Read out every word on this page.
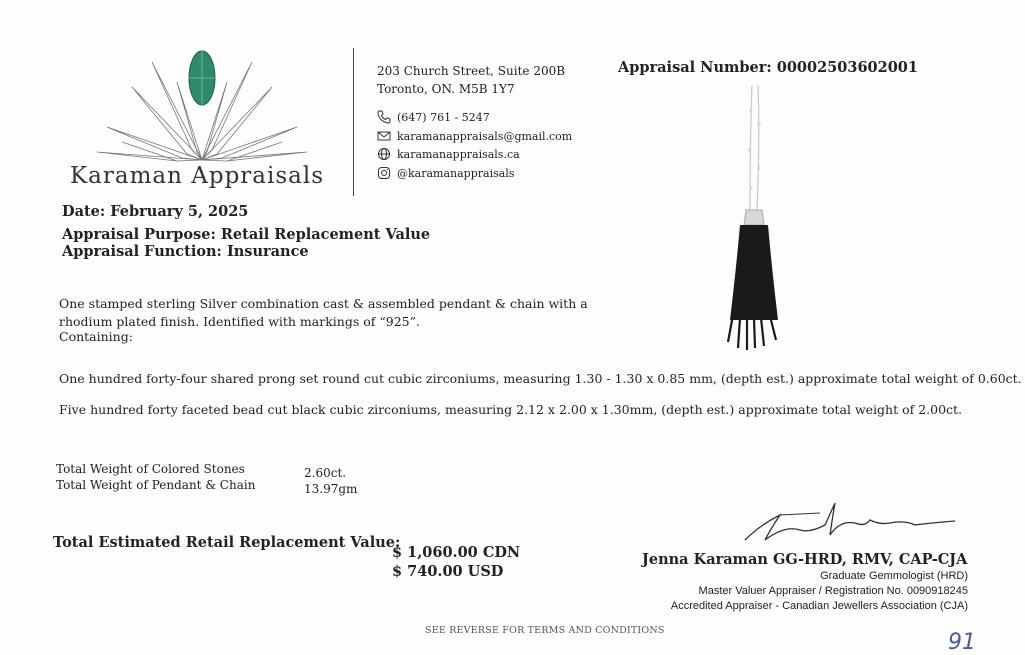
Karaman Appraisals
203 Church Street, Suite 200B
Toronto, ON. M5B 1Y7
(647) 761 - 5247
karamanappraisals@gmail.com
karamanappraisals.ca
@karamanappraisals
Appraisal Number: 00002503602001
Date: February 5, 2025
Appraisal Purpose: Retail Replacement Value
Appraisal Function: Insurance
One stamped sterling Silver combination cast & assembled pendant & chain with a
rhodium plated finish. Identified with markings of “925”.
Containing:
One hundred forty-four shared prong set round cut cubic zirconiums, measuring 1.30 - 1.30 x 0.85 mm, (depth est.) approximate total weight of 0.60ct.
Five hundred forty faceted bead cut black cubic zirconiums, measuring 2.12 x 2.00 x 1.30mm, (depth est.) approximate total weight of 2.00ct.
Total Weight of Colored Stones	2.60ct.
Total Weight of Pendant & Chain	13.97gm
Total Estimated Retail Replacement Value:
$ 1,060.00 CDN
$ 740.00 USD
Jenna Karaman GG-HRD, RMV, CAP-CJA
Graduate Gemmologist (HRD)
Master Valuer Appraiser / Registration No. 0090918245
Accredited Appraiser - Canadian Jewellers Association (CJA)
SEE REVERSE FOR TERMS AND CONDITIONS	91
